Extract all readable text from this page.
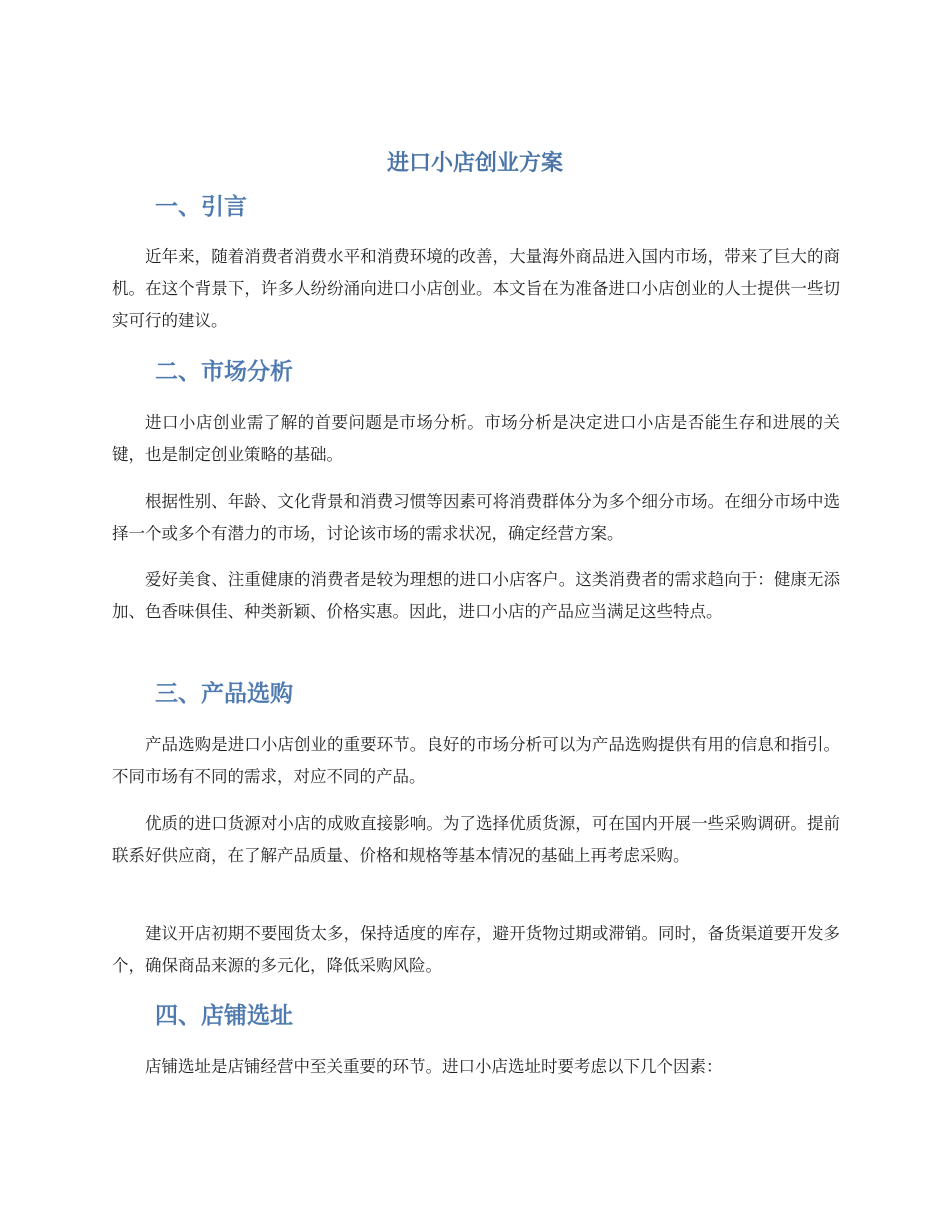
进口小店创业方案
一、引言

近年来，随着消费者消费水平和消费环境的改善，大量海外商品进入国内市场，带来了巨大的商机。在这个背景下，许多人纷纷涌向进口小店创业。本文旨在为准备进口小店创业的人士提供一些切实可行的建议。

二、市场分析

进口小店创业需了解的首要问题是市场分析。市场分析是决定进口小店是否能生存和进展的关键，也是制定创业策略的基础。

根据性别、年龄、文化背景和消费习惯等因素可将消费群体分为多个细分市场。在细分市场中选择一个或多个有潜力的市场，讨论该市场的需求状况，确定经营方案。

爱好美食、注重健康的消费者是较为理想的进口小店客户。这类消费者的需求趋向于：健康无添加、色香味俱佳、种类新颖、价格实惠。因此，进口小店的产品应当满足这些特点。

三、产品选购

产品选购是进口小店创业的重要环节。良好的市场分析可以为产品选购提供有用的信息和指引。不同市场有不同的需求，对应不同的产品。

优质的进口货源对小店的成败直接影响。为了选择优质货源，可在国内开展一些采购调研。提前联系好供应商，在了解产品质量、价格和规格等基本情况的基础上再考虑采购。

建议开店初期不要囤货太多，保持适度的库存，避开货物过期或滞销。同时，备货渠道要开发多个，确保商品来源的多元化，降低采购风险。

四、店铺选址

店铺选址是店铺经营中至关重要的环节。进口小店选址时要考虑以下几个因素：
